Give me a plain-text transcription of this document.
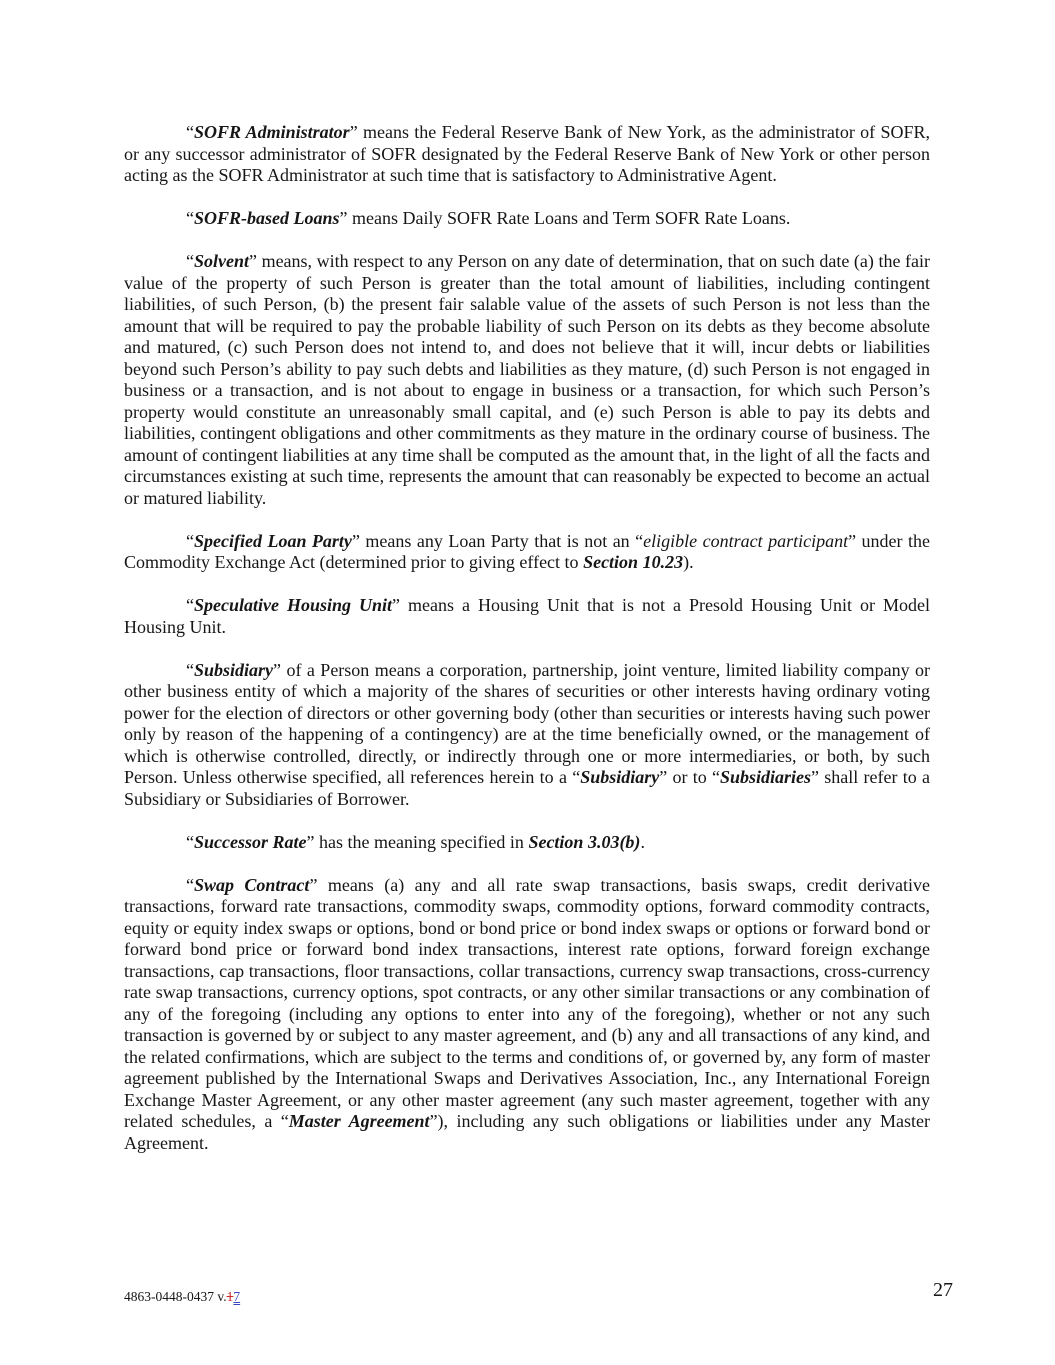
“SOFR Administrator” means the Federal Reserve Bank of New York, as the administrator of SOFR, or any successor administrator of SOFR designated by the Federal Reserve Bank of New York or other person acting as the SOFR Administrator at such time that is satisfactory to Administrative Agent.

“SOFR-based Loans” means Daily SOFR Rate Loans and Term SOFR Rate Loans.

“Solvent” means, with respect to any Person on any date of determination, that on such date (a) the fair value of the property of such Person is greater than the total amount of liabilities, including contingent liabilities, of such Person, (b) the present fair salable value of the assets of such Person is not less than the amount that will be required to pay the probable liability of such Person on its debts as they become absolute and matured, (c) such Person does not intend to, and does not believe that it will, incur debts or liabilities beyond such Person’s ability to pay such debts and liabilities as they mature, (d) such Person is not engaged in business or a transaction, and is not about to engage in business or a transaction, for which such Person’s property would constitute an unreasonably small capital, and (e) such Person is able to pay its debts and liabilities, contingent obligations and other commitments as they mature in the ordinary course of business. The amount of contingent liabilities at any time shall be computed as the amount that, in the light of all the facts and circumstances existing at such time, represents the amount that can reasonably be expected to become an actual or matured liability.

“Specified Loan Party” means any Loan Party that is not an “eligible contract participant” under the Commodity Exchange Act (determined prior to giving effect to Section 10.23).

“Speculative Housing Unit” means a Housing Unit that is not a Presold Housing Unit or Model Housing Unit.

“Subsidiary” of a Person means a corporation, partnership, joint venture, limited liability company or other business entity of which a majority of the shares of securities or other interests having ordinary voting power for the election of directors or other governing body (other than securities or interests having such power only by reason of the happening of a contingency) are at the time beneficially owned, or the management of which is otherwise controlled, directly, or indirectly through one or more intermediaries, or both, by such Person. Unless otherwise specified, all references herein to a “Subsidiary” or to “Subsidiaries” shall refer to a Subsidiary or Subsidiaries of Borrower.

“Successor Rate” has the meaning specified in Section 3.03(b).

“Swap Contract” means (a) any and all rate swap transactions, basis swaps, credit derivative transactions, forward rate transactions, commodity swaps, commodity options, forward commodity contracts, equity or equity index swaps or options, bond or bond price or bond index swaps or options or forward bond or forward bond price or forward bond index transactions, interest rate options, forward foreign exchange transactions, cap transactions, floor transactions, collar transactions, currency swap transactions, cross-currency rate swap transactions, currency options, spot contracts, or any other similar transactions or any combination of any of the foregoing (including any options to enter into any of the foregoing), whether or not any such transaction is governed by or subject to any master agreement, and (b) any and all transactions of any kind, and the related confirmations, which are subject to the terms and conditions of, or governed by, any form of master agreement published by the International Swaps and Derivatives Association, Inc., any International Foreign Exchange Master Agreement, or any other master agreement (any such master agreement, together with any related schedules, a “Master Agreement”), including any such obligations or liabilities under any Master Agreement.

4863-0448-0437 v.17	27
